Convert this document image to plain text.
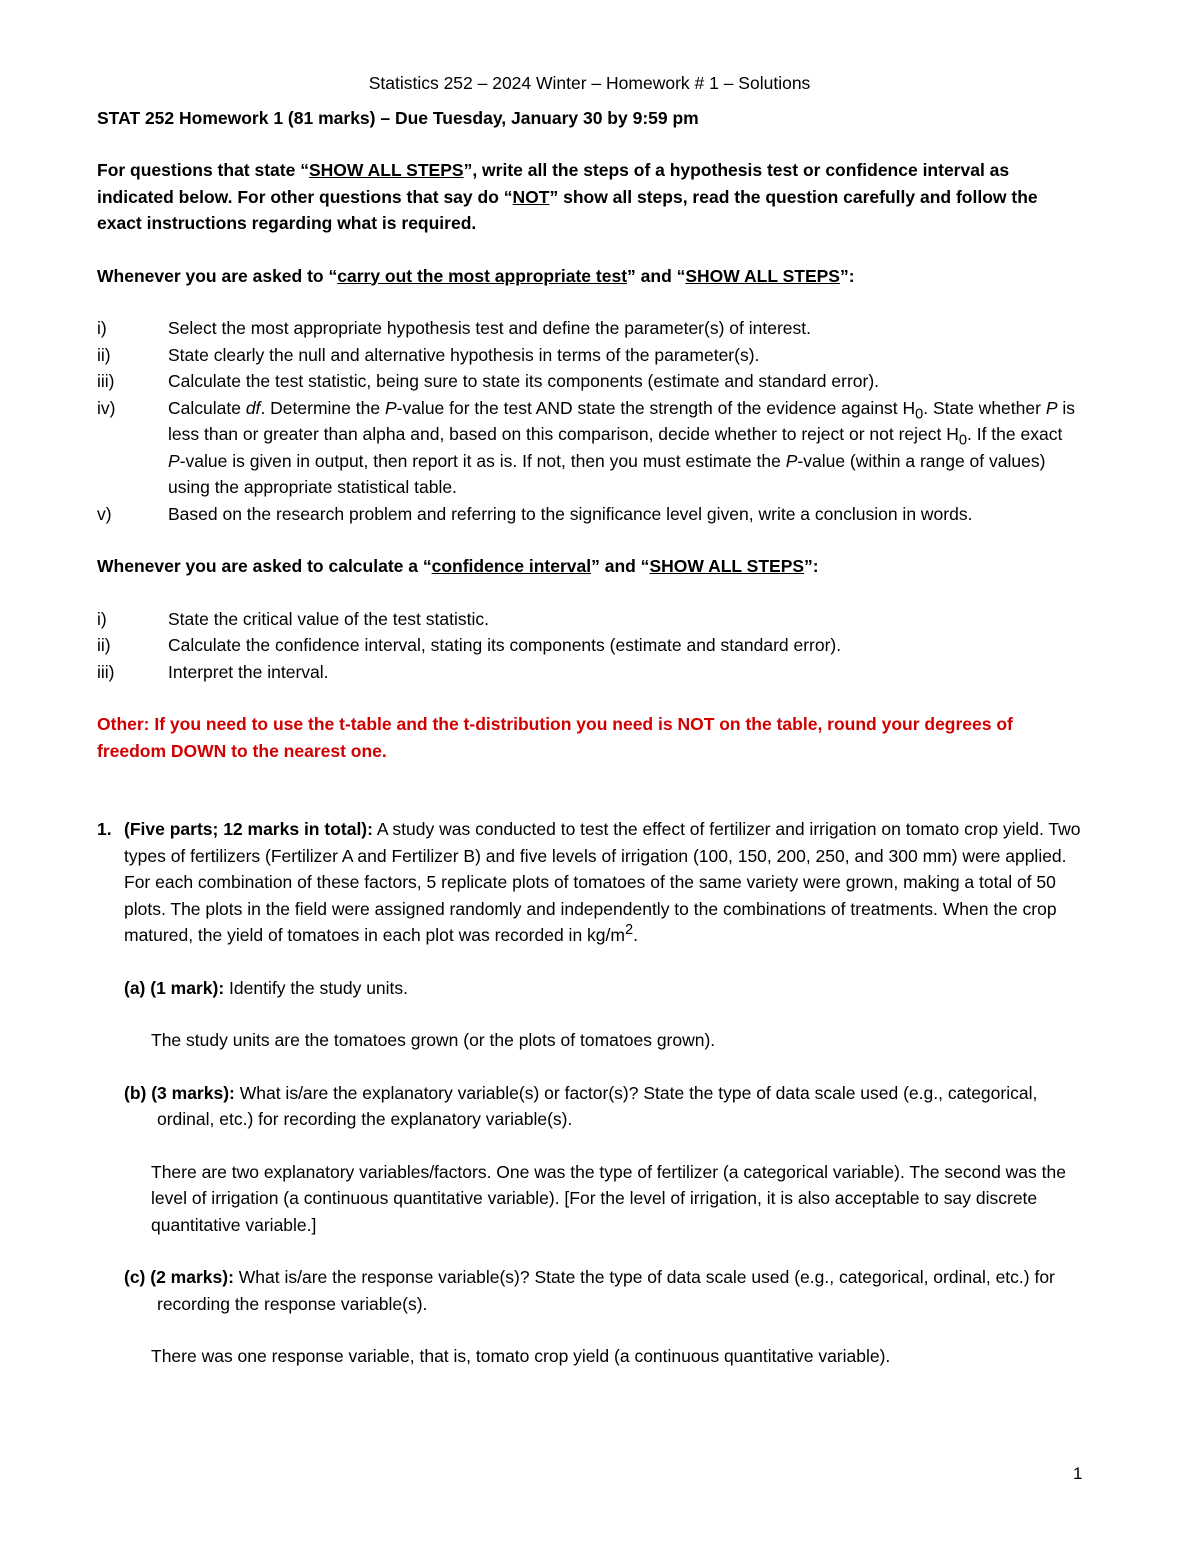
Statistics 252 – 2024 Winter – Homework # 1 – Solutions

STAT 252 Homework 1 (81 marks) – Due Tuesday, January 30 by 9:59 pm

For questions that state “SHOW ALL STEPS”, write all the steps of a hypothesis test or confidence interval as indicated below. For other questions that say do “NOT” show all steps, read the question carefully and follow the exact instructions regarding what is required.

Whenever you are asked to “carry out the most appropriate test” and “SHOW ALL STEPS”:

i)	Select the most appropriate hypothesis test and define the parameter(s) of interest.
ii)	State clearly the null and alternative hypothesis in terms of the parameter(s).
iii)	Calculate the test statistic, being sure to state its components (estimate and standard error).
iv)	Calculate df. Determine the P-value for the test AND state the strength of the evidence against $H_0$. State whether P is less than or greater than alpha and, based on this comparison, decide whether to reject or not reject $H_0$. If the exact P-value is given in output, then report it as is. If not, then you must estimate the P-value (within a range of values) using the appropriate statistical table.
v)	Based on the research problem and referring to the significance level given, write a conclusion in words.

Whenever you are asked to calculate a “confidence interval” and “SHOW ALL STEPS”:

i)	State the critical value of the test statistic.
ii)	Calculate the confidence interval, stating its components (estimate and standard error).
iii)	Interpret the interval.

Other: If you need to use the t-table and the t-distribution you need is NOT on the table, round your degrees of freedom DOWN to the nearest one.

1. (Five parts; 12 marks in total): A study was conducted to test the effect of fertilizer and irrigation on tomato crop yield. Two types of fertilizers (Fertilizer A and Fertilizer B) and five levels of irrigation (100, 150, 200, 250, and 300 mm) were applied. For each combination of these factors, 5 replicate plots of tomatoes of the same variety were grown, making a total of 50 plots. The plots in the field were assigned randomly and independently to the combinations of treatments. When the crop matured, the yield of tomatoes in each plot was recorded in $kg/m^2$.

(a) (1 mark): Identify the study units.

The study units are the tomatoes grown (or the plots of tomatoes grown).

(b) (3 marks): What is/are the explanatory variable(s) or factor(s)? State the type of data scale used (e.g., categorical, ordinal, etc.) for recording the explanatory variable(s).

There are two explanatory variables/factors. One was the type of fertilizer (a categorical variable). The second was the level of irrigation (a continuous quantitative variable). [For the level of irrigation, it is also acceptable to say discrete quantitative variable.]

(c) (2 marks): What is/are the response variable(s)? State the type of data scale used (e.g., categorical, ordinal, etc.) for recording the response variable(s).

There was one response variable, that is, tomato crop yield (a continuous quantitative variable).

1
